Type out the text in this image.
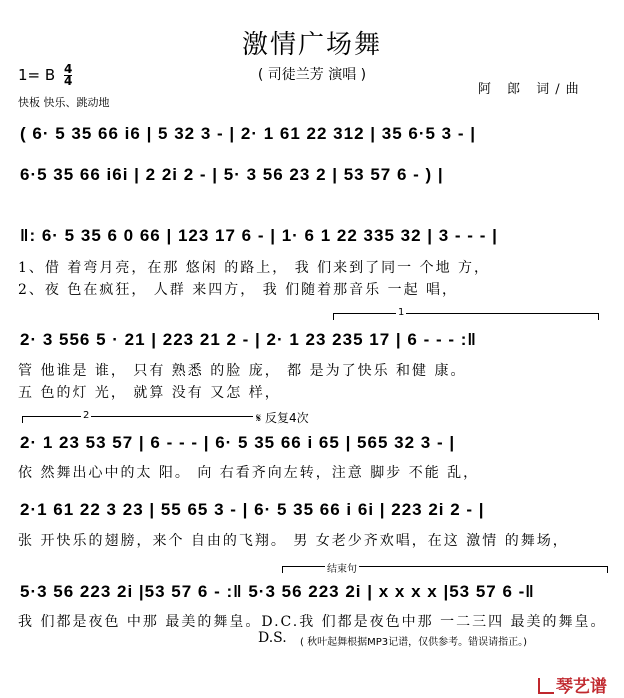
激情广场舞
( 司徒兰芳 演唱 )
1= B $\frac{4}{4}$
快板 快乐、跳动地
阿 郎 词/曲
( 6· 5 35 66 i6 | 5 32 3 - | 2· 1 61 22 312 | 35 6·5 3 - |
6·5 35 66 i6i | 2 2i 2 - | 5· 3 56 23 2 | 53 57 6 - ) |
‖: 6· 5 35 6 0 66 | 123 17 6 - | 1· 6 1 22 335 32 | 3 - - - |
1、借 着弯月亮，在那 悠闲 的路上， 我 们来到了同一 个地 方，
2、夜 色在疯狂， 人群 来四方， 我 们随着那音乐 一起 唱，
1
2· 3 556 5 · 21 | 223 21 2 - | 2· 1 23 235 17 | 6 - - - :‖
管 他谁是 谁， 只有 熟悉 的脸 庞， 都 是为了快乐 和健 康。
五 色的灯 光， 就算 没有 又怎 样，
2	𝄋 反复4次
2· 1 23 53 57 | 6 - - - | 6· 5 35 66 i 65 | 565 32 3 - |
依 然舞出心中的太 阳。 向 右看齐向左转，注意 脚步 不能 乱，
2·1 61 22 3 23 | 55 65 3 - | 6· 5 35 66 i 6i | 223 2i 2 - |
张 开快乐的翅膀，来个 自由的飞翔。 男 女老少齐欢唱，在这 激情 的舞场，
结束句
5·3 56 223 2i |53 57 6 - :‖ 5·3 56 223 2i | x x x x |53 57 6 -‖
我 们都是夜色 中那 最美的舞皇。D.C.我 们都是夜色中那 一二三四 最美的舞皇。
D.S. ( 秋叶起舞根据MP3记谱，仅供参考。错误请指正。)
琴艺谱
